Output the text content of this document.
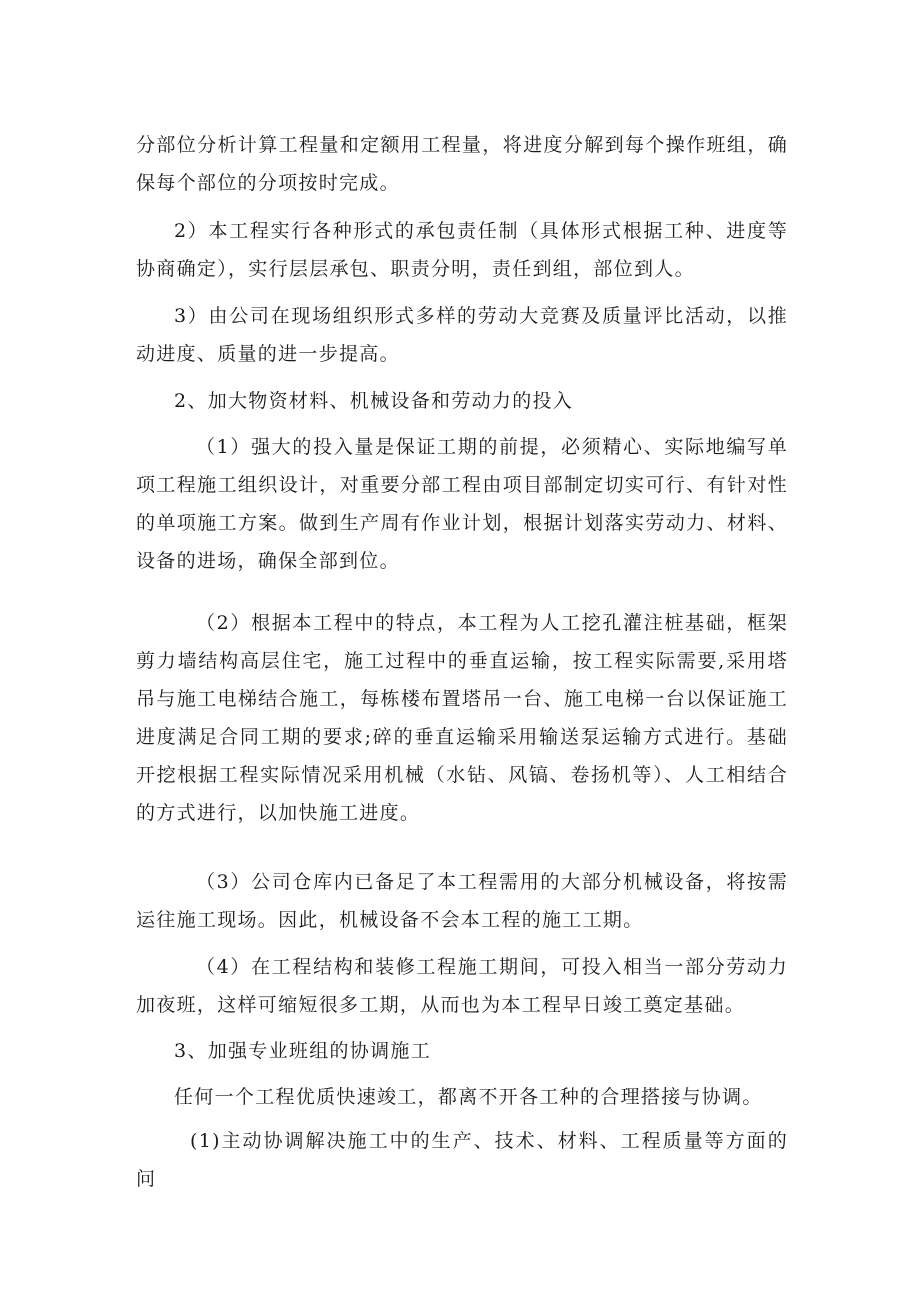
分部位分析计算工程量和定额用工程量，将进度分解到每个操作班组，确保每个部位的分项按时完成。

2）本工程实行各种形式的承包责任制（具体形式根据工种、进度等协商确定），实行层层承包、职责分明，责任到组，部位到人。

3）由公司在现场组织形式多样的劳动大竞赛及质量评比活动，以推动进度、质量的进一步提高。

2、加大物资材料、机械设备和劳动力的投入

（1）强大的投入量是保证工期的前提，必须精心、实际地编写单项工程施工组织设计，对重要分部工程由项目部制定切实可行、有针对性的单项施工方案。做到生产周有作业计划，根据计划落实劳动力、材料、设备的进场，确保全部到位。

（2）根据本工程中的特点，本工程为人工挖孔灌注桩基础，框架剪力墙结构高层住宅，施工过程中的垂直运输，按工程实际需要,采用塔吊与施工电梯结合施工，每栋楼布置塔吊一台、施工电梯一台以保证施工进度满足合同工期的要求;碎的垂直运输采用输送泵运输方式进行。基础开挖根据工程实际情况采用机械（水钻、风镐、卷扬机等）、人工相结合的方式进行，以加快施工进度。

（3）公司仓库内已备足了本工程需用的大部分机械设备，将按需运往施工现场。因此，机械设备不会本工程的施工工期。

（4）在工程结构和装修工程施工期间，可投入相当一部分劳动力加夜班，这样可缩短很多工期，从而也为本工程早日竣工奠定基础。

3、加强专业班组的协调施工

任何一个工程优质快速竣工，都离不开各工种的合理搭接与协调。

(1)主动协调解决施工中的生产、技术、材料、工程质量等方面的问
